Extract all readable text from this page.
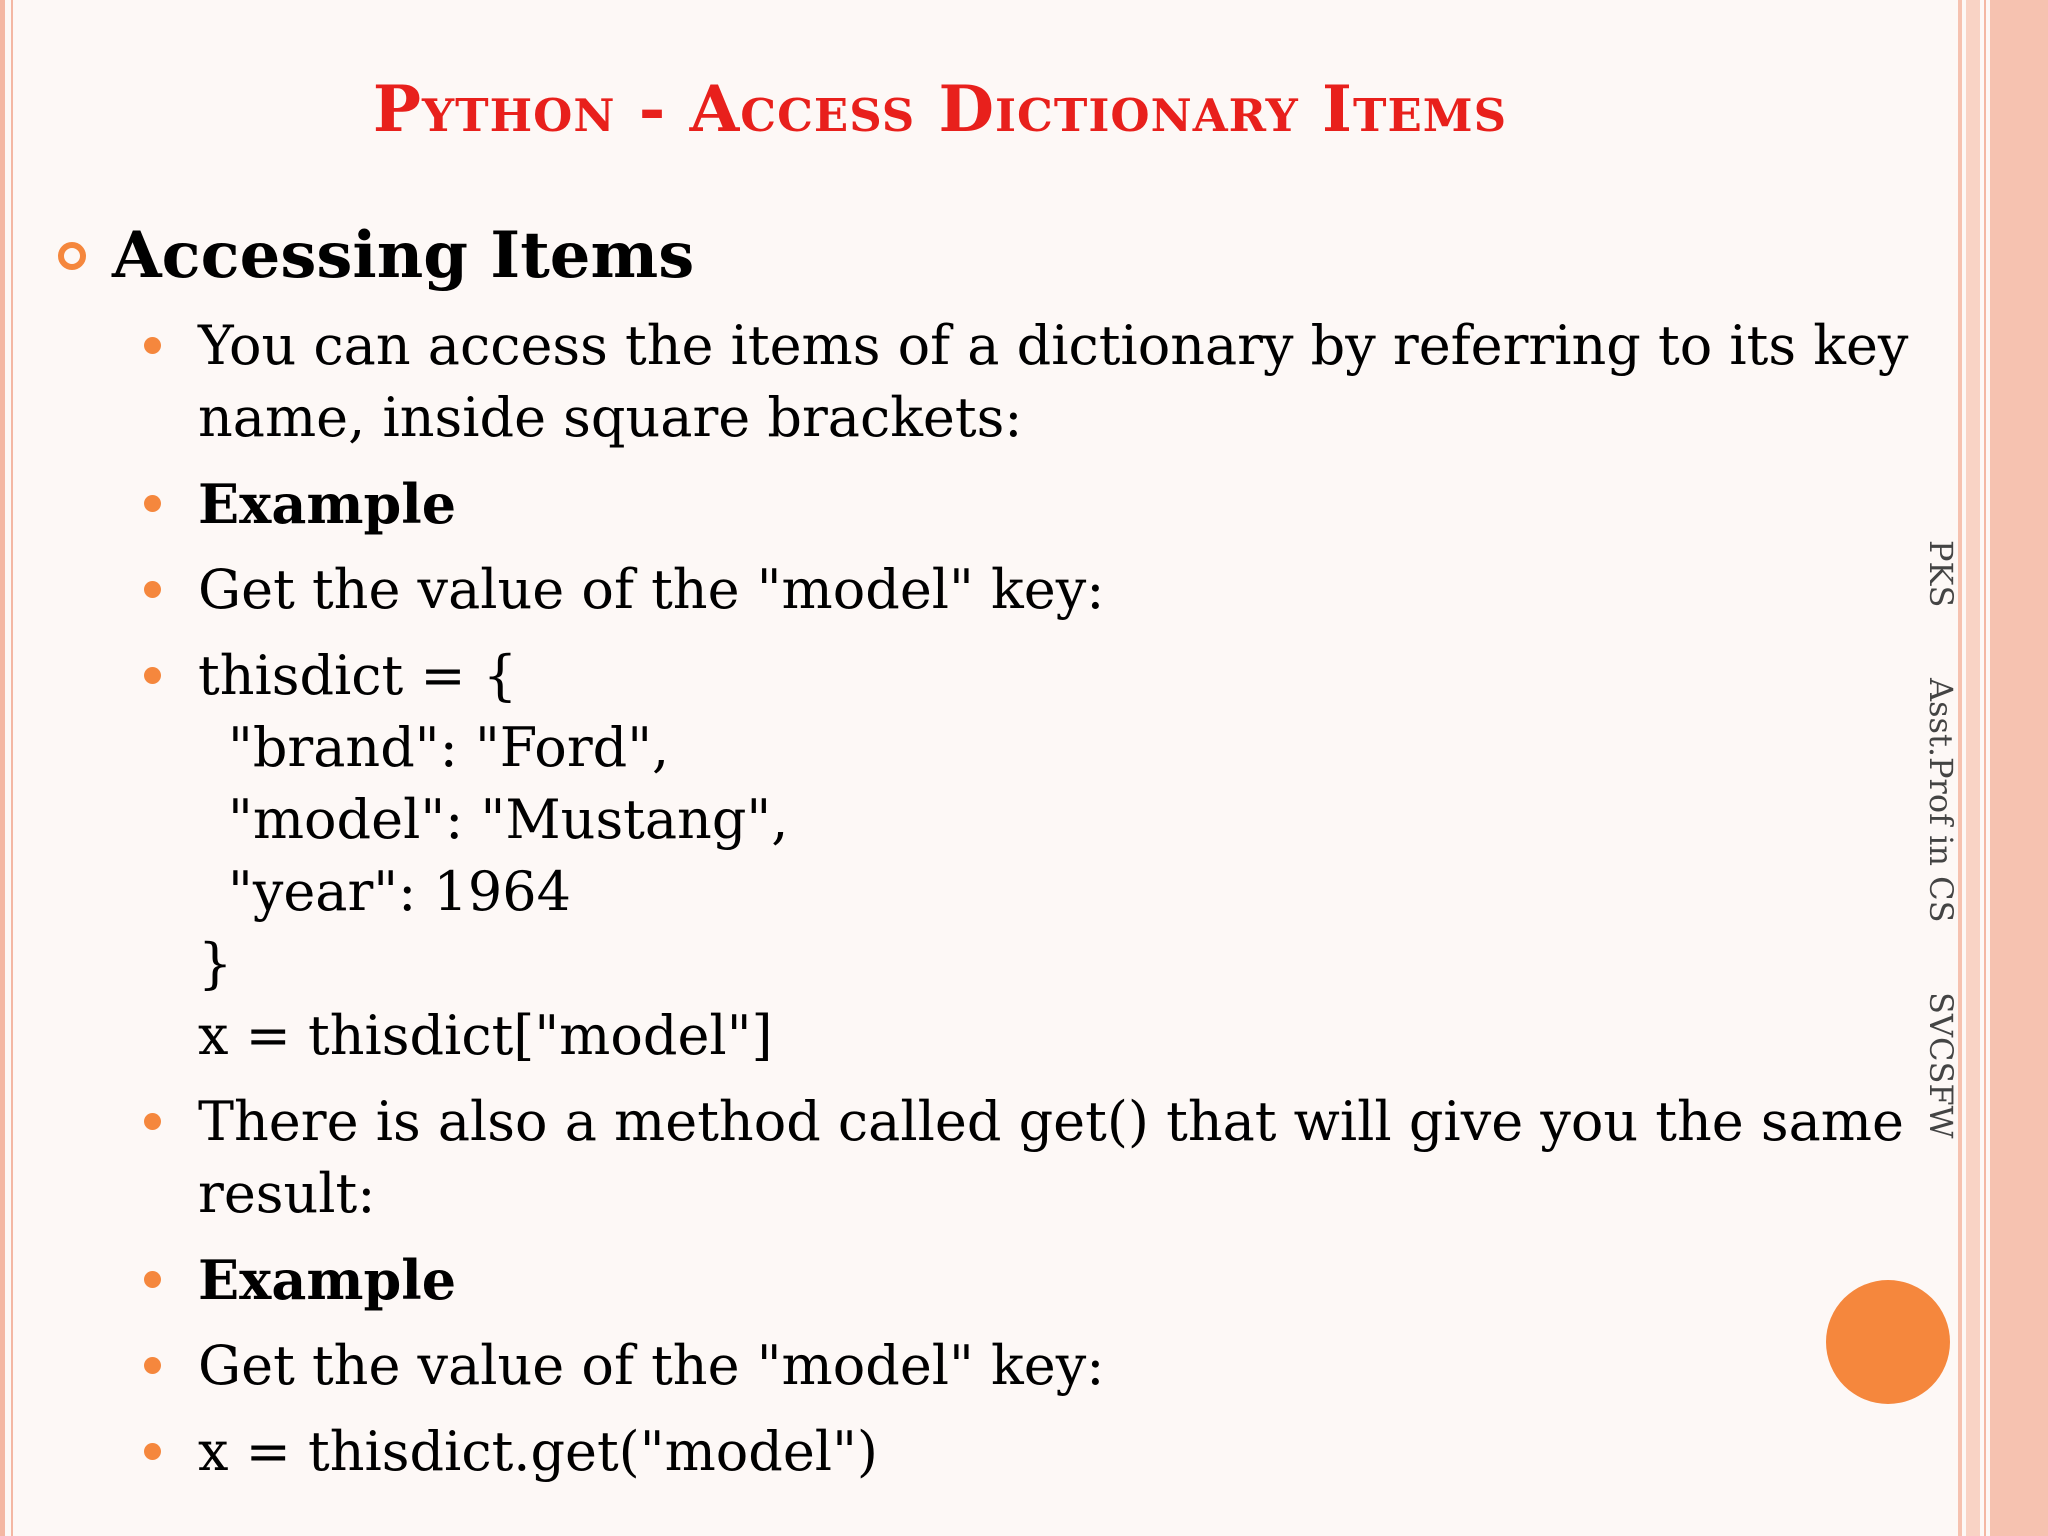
Python - Access Dictionary Items
Accessing Items
You can access the items of a dictionary by referring to its key
name, inside square brackets:
Example
Get the value of the "model" key:
thisdict = {
"brand": "Ford",
"model": "Mustang",
"year": 1964
}
x = thisdict["model"]
There is also a method called get() that will give you the same
result:
Example
Get the value of the "model" key:
x = thisdict.get("model")
PKS Asst.Prof in CS SVCSFW
